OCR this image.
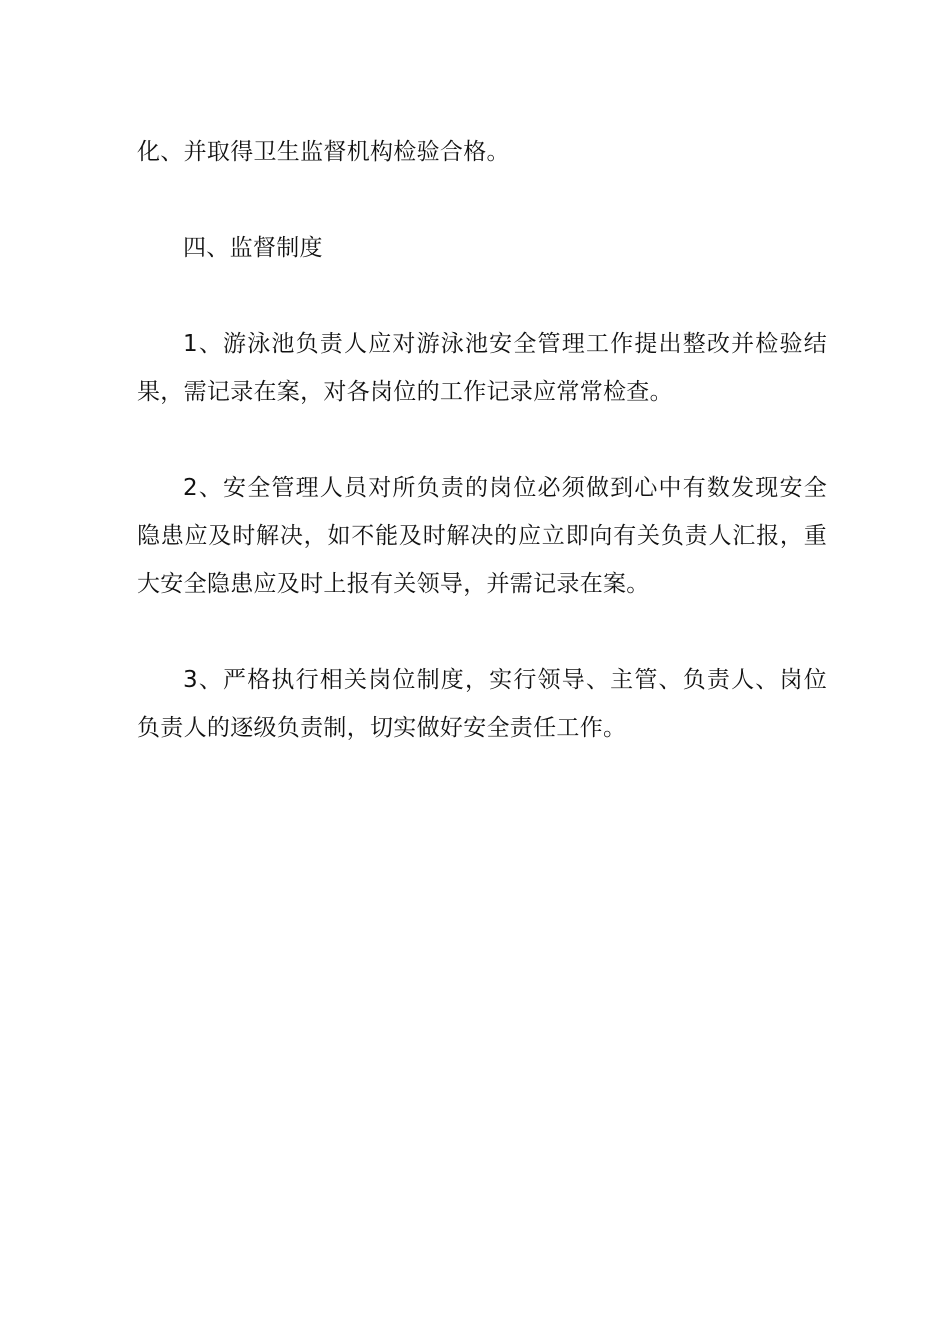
化、并取得卫生监督机构检验合格。

四、监督制度

1、游泳池负责人应对游泳池安全管理工作提出整改并检验结果，需记录在案，对各岗位的工作记录应常常检查。

2、安全管理人员对所负责的岗位必须做到心中有数发现安全隐患应及时解决，如不能及时解决的应立即向有关负责人汇报，重大安全隐患应及时上报有关领导，并需记录在案。

3、严格执行相关岗位制度，实行领导、主管、负责人、岗位负责人的逐级负责制，切实做好安全责任工作。
